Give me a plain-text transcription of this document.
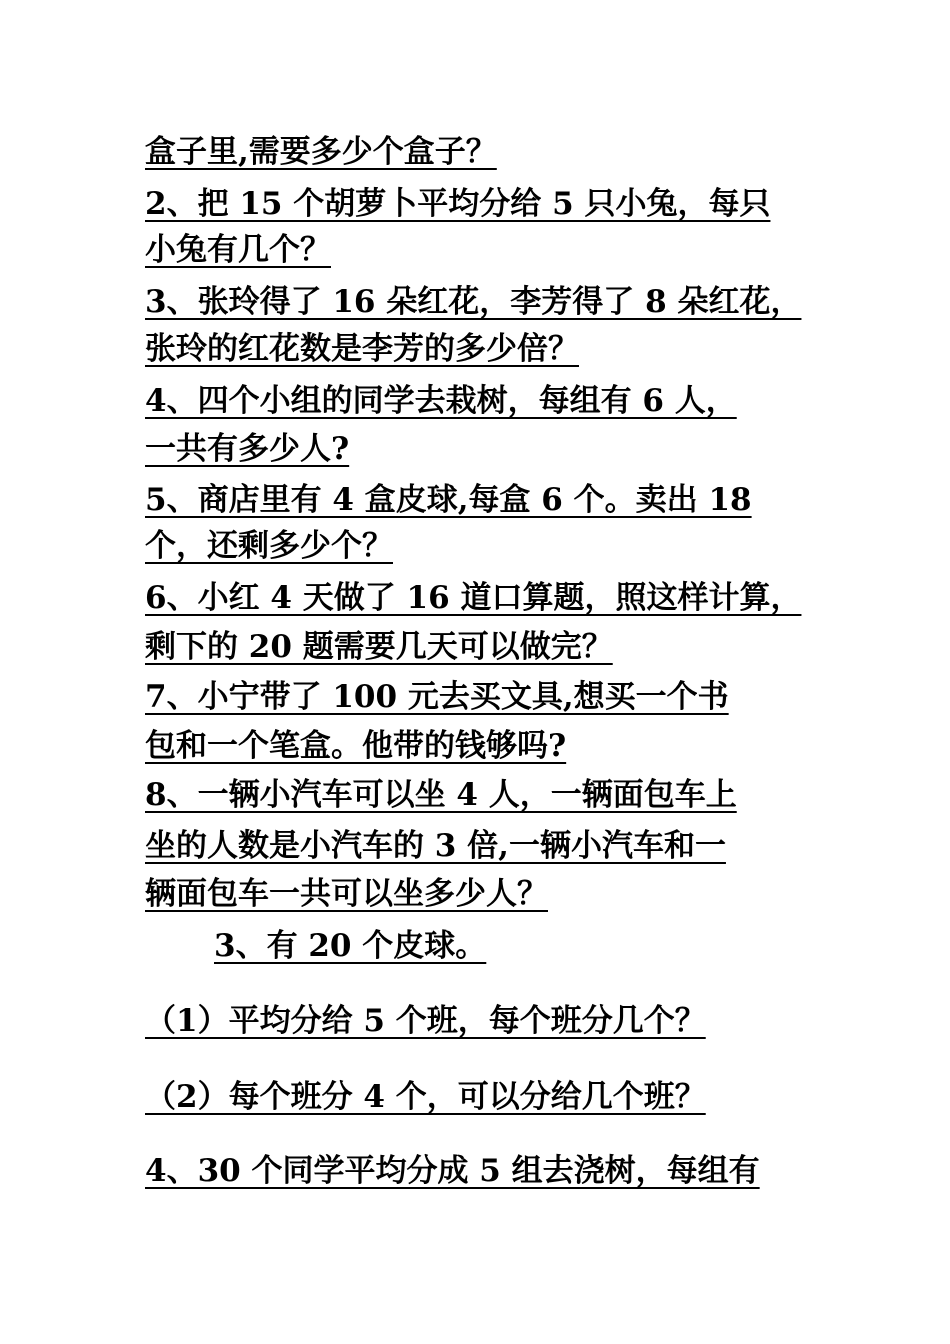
盒子里,需要多少个盒子？
2、把 15 个胡萝卜平均分给 5 只小兔，每只
小兔有几个？
3、张玲得了 16 朵红花，李芳得了 8 朵红花，
张玲的红花数是李芳的多少倍？
4、四个小组的同学去栽树，每组有 6 人，
一共有多少人?
5、商店里有 4 盒皮球,每盒 6 个。卖出 18
个，还剩多少个？
6、小红 4 天做了 16 道口算题，照这样计算，
剩下的 20 题需要几天可以做完？
7、小宁带了 100 元去买文具,想买一个书
包和一个笔盒。他带的钱够吗?
8、一辆小汽车可以坐 4 人，一辆面包车上
坐的人数是小汽车的 3 倍,一辆小汽车和一
辆面包车一共可以坐多少人？
3、有 20 个皮球。
（1）平均分给 5 个班，每个班分几个？
（2）每个班分 4 个，可以分给几个班？
4、30 个同学平均分成 5 组去浇树，每组有
